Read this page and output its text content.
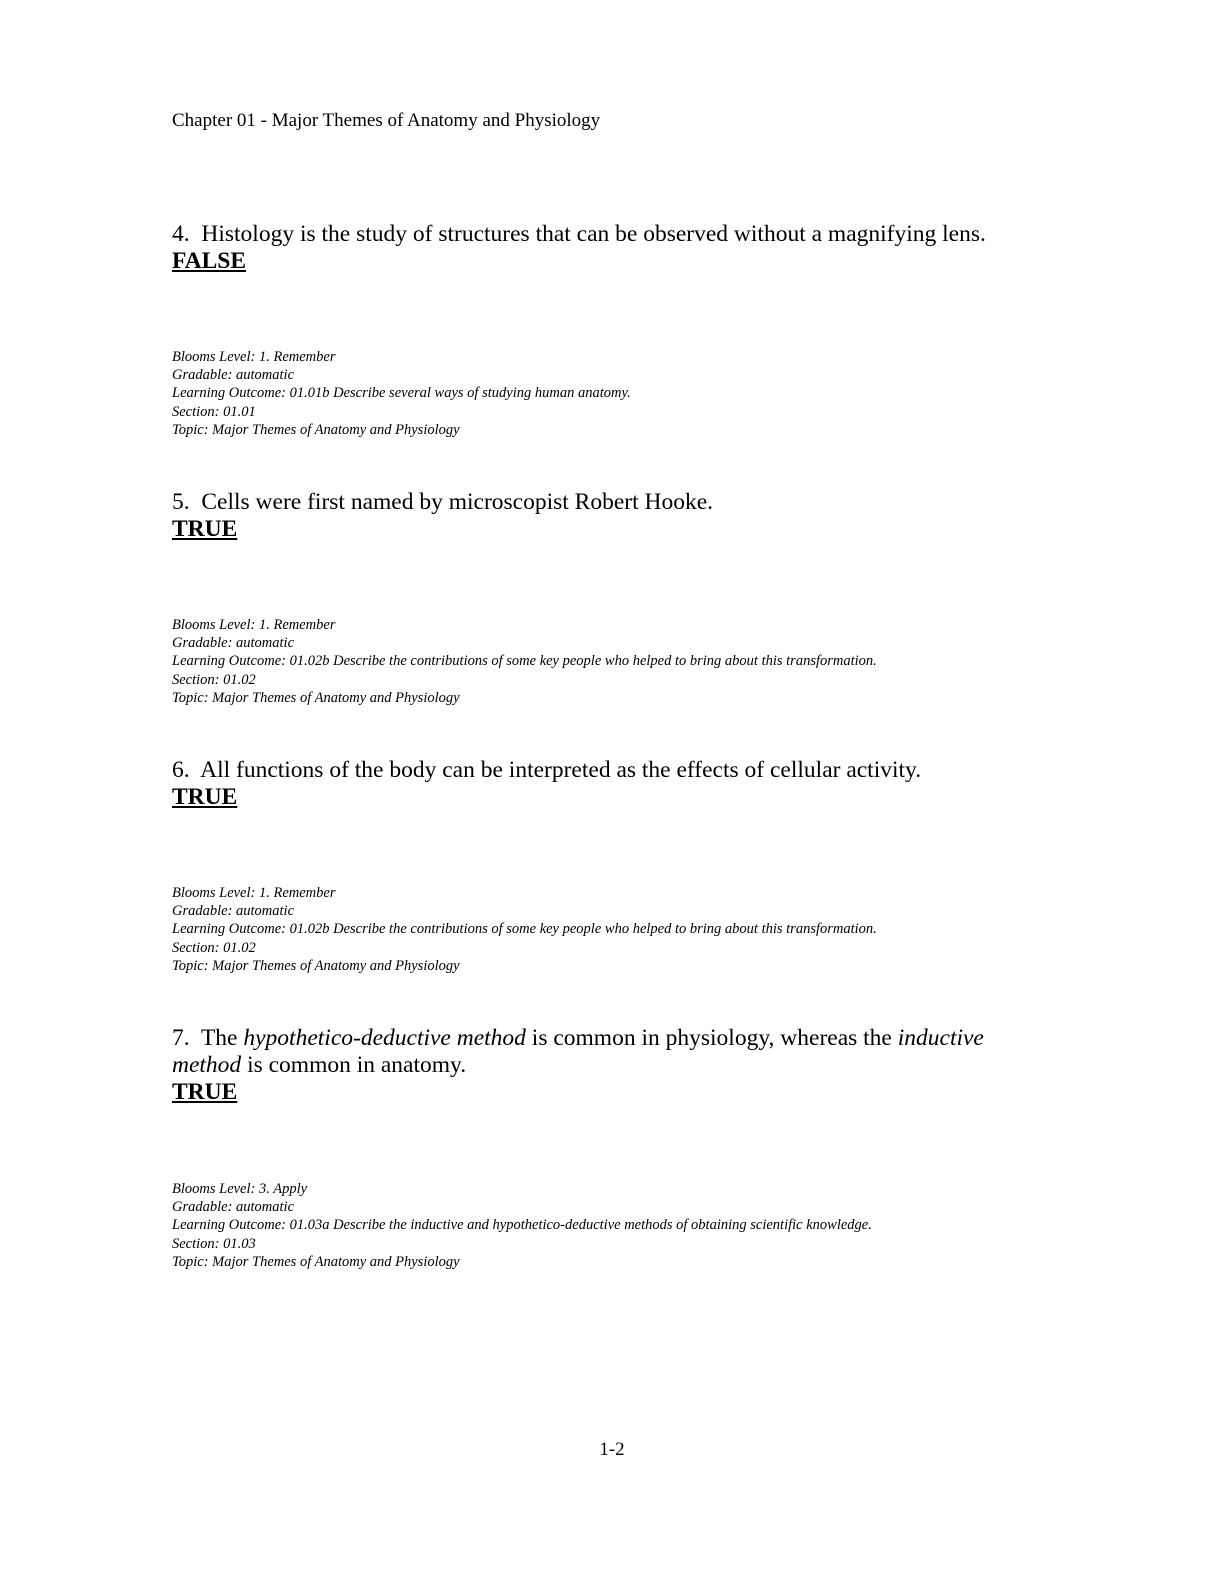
Chapter 01 - Major Themes of Anatomy and Physiology

4. Histology is the study of structures that can be observed without a magnifying lens.

FALSE

Blooms Level: 1. Remember
Gradable: automatic
Learning Outcome: 01.01b Describe several ways of studying human anatomy.
Section: 01.01
Topic: Major Themes of Anatomy and Physiology

5. Cells were first named by microscopist Robert Hooke.

TRUE

Blooms Level: 1. Remember
Gradable: automatic
Learning Outcome: 01.02b Describe the contributions of some key people who helped to bring about this transformation.
Section: 01.02
Topic: Major Themes of Anatomy and Physiology

6. All functions of the body can be interpreted as the effects of cellular activity.

TRUE

Blooms Level: 1. Remember
Gradable: automatic
Learning Outcome: 01.02b Describe the contributions of some key people who helped to bring about this transformation.
Section: 01.02
Topic: Major Themes of Anatomy and Physiology

7. The hypothetico-deductive method is common in physiology, whereas the inductive method is common in anatomy.

TRUE

Blooms Level: 3. Apply
Gradable: automatic
Learning Outcome: 01.03a Describe the inductive and hypothetico-deductive methods of obtaining scientific knowledge.
Section: 01.03
Topic: Major Themes of Anatomy and Physiology
1-2
